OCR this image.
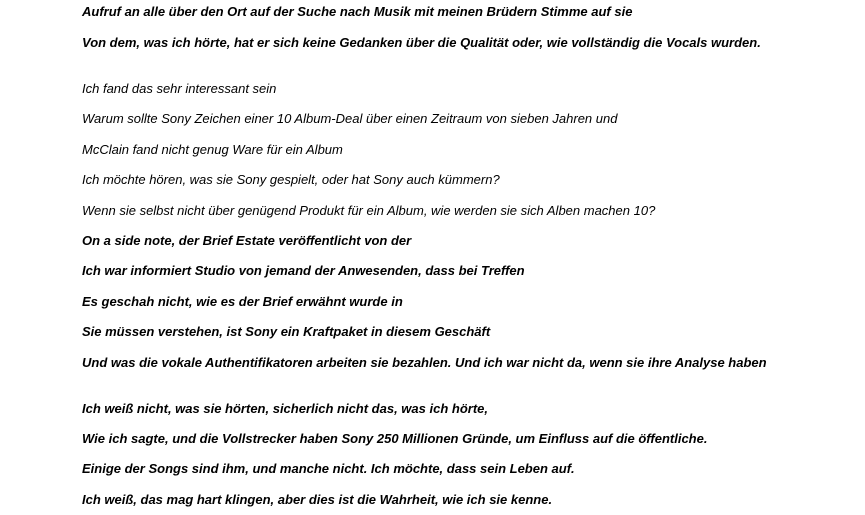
Aufruf an alle über den Ort auf der Suche nach Musik mit meinen Brüdern Stimme auf sie

Von dem, was ich hörte, hat er sich keine Gedanken über die Qualität oder, wie vollständig die Vocals wurden.

Ich fand das sehr interessant sein

Warum sollte Sony Zeichen einer 10 Album-Deal über einen Zeitraum von sieben Jahren und

McClain fand nicht genug Ware für ein Album

Ich möchte hören, was sie Sony gespielt, oder hat Sony auch kümmern?

Wenn sie selbst nicht über genügend Produkt für ein Album, wie werden sie sich Alben machen 10?

On a side note, der Brief Estate veröffentlicht von der

Ich war informiert Studio von jemand der Anwesenden, dass bei Treffen

Es geschah nicht, wie es der Brief erwähnt wurde in

Sie müssen verstehen, ist Sony ein Kraftpaket in diesem Geschäft

Und was die vokale Authentifikatoren arbeiten sie bezahlen. Und ich war nicht da, wenn sie ihre Analyse haben

Ich weiß nicht, was sie hörten, sicherlich nicht das, was ich hörte,

Wie ich sagte, und die Vollstrecker haben Sony 250 Millionen Gründe, um Einfluss auf die öffentliche.

Einige der Songs sind ihm, und manche nicht. Ich möchte, dass sein Leben auf.

Ich weiß, das mag hart klingen, aber dies ist die Wahrheit, wie ich sie kenne.
